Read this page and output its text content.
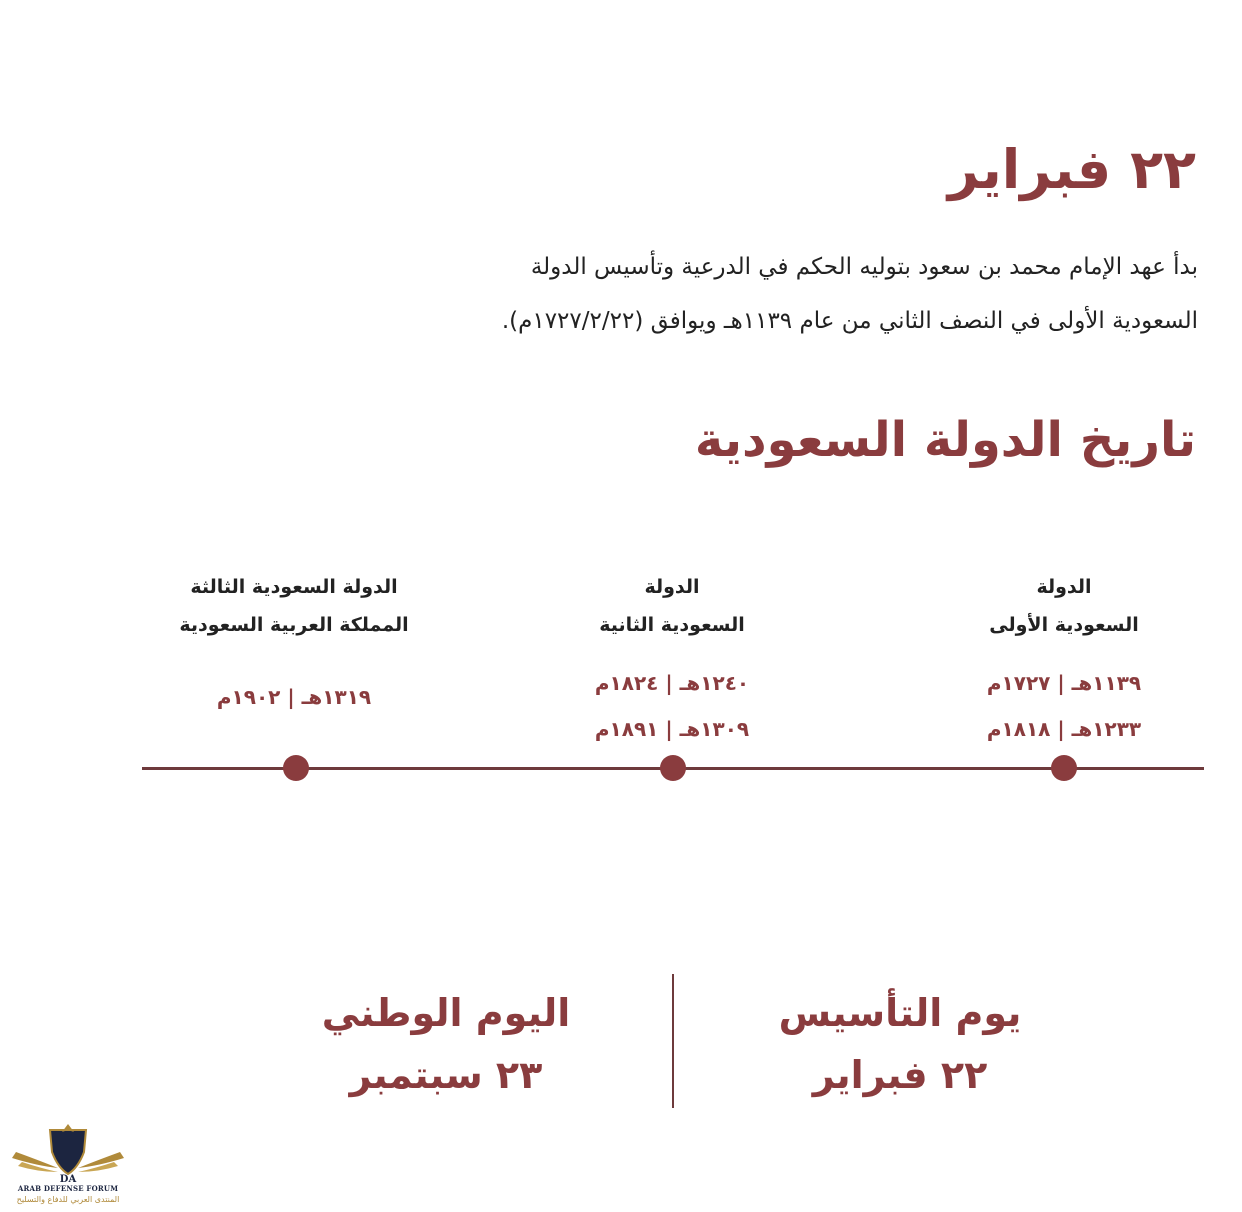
٢٢ فبراير

بدأ عهد الإمام محمد بن سعود بتوليه الحكم في الدرعية وتأسيس الدولة السعودية الأولى في النصف الثاني من عام ١١٣٩هـ ويوافق (١٧٢٧/٢/٢٢م).

تاريخ الدولة السعودية
الدولة
السعودية الأولى
١١٣٩هـ | ١٧٢٧م
١٢٣٣هـ | ١٨١٨م
الدولة
السعودية الثانية
١٢٤٠هـ | ١٨٢٤م
١٣٠٩هـ | ١٨٩١م
الدولة السعودية الثالثة
المملكة العربية السعودية
١٣١٩هـ | ١٩٠٢م
يوم التأسيس
٢٢ فبراير
اليوم الوطني
٢٣ سبتمبر
DA
ARAB DEFENSE FORUM
المنتدى العربي للدفاع والتسليح
